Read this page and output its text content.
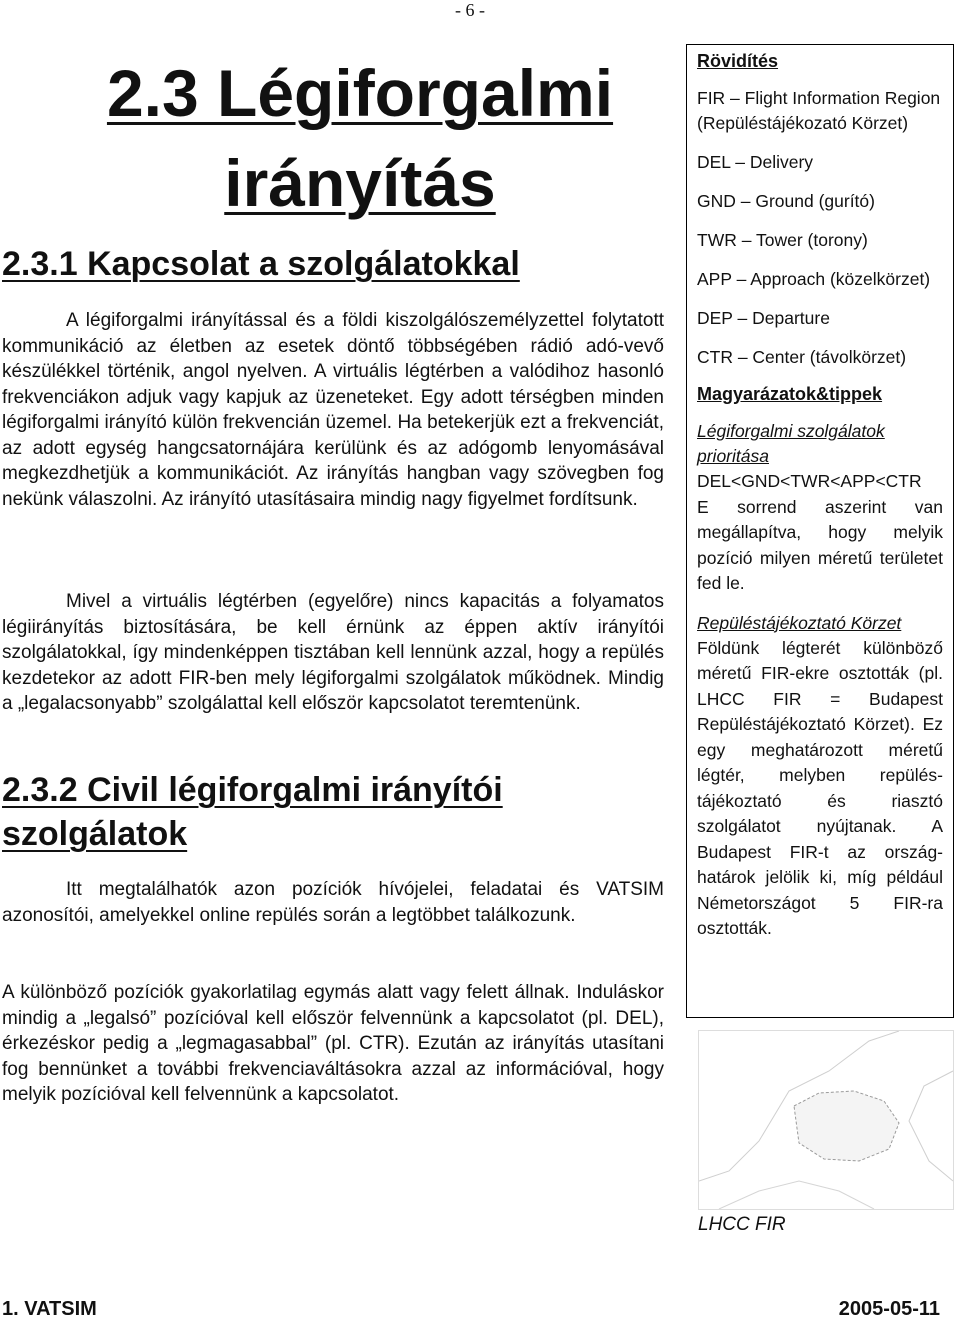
- 6 -
2.3 Légiforgalmi irányítás
2.3.1 Kapcsolat a szolgálatokkal

A légiforgalmi irányítással és a földi kiszolgálószemélyzettel folytatott kommunikáció az életben az esetek döntő többségében rádió adó-vevő készülékkel történik, angol nyelven. A virtuális légtérben a valódihoz hasonló frekvenciákon adjuk vagy kapjuk az üzeneteket. Egy adott térségben minden légiforgalmi irányító külön frekvencián üzemel. Ha betekerjük ezt a frekvenciát, az adott egység hangcsatornájára kerülünk és az adógomb lenyomásával megkezdhetjük a kommunikációt. Az irányítás hangban vagy szövegben fog nekünk válaszolni. Az irányító utasításaira mindig nagy figyelmet fordítsunk.

Mivel a virtuális légtérben (egyelőre) nincs kapacitás a folyamatos légiirányítás biztosítására, be kell érnünk az éppen aktív irányítói szolgálatokkal, így mindenképpen tisztában kell lennünk azzal, hogy a repülés kezdetekor az adott FIR-ben mely légiforgalmi szolgálatok működnek. Mindig a „legalacsonyabb” szolgálattal kell először kapcsolatot teremtenünk.

2.3.2 Civil légiforgalmi irányítói szolgálatok

Itt megtalálhatók azon pozíciók hívójelei, feladatai és VATSIM azonosítói, amelyekkel online repülés során a legtöbbet találkozunk.

A különböző pozíciók gyakorlatilag egymás alatt vagy felett állnak. Induláskor mindig a „legalsó” pozícióval kell először felvennünk a kapcsolatot (pl. DEL), érkezéskor pedig a „legmagasabbal” (pl. CTR). Ezután az irányítás utasítani fog bennünket a további frekvenciaváltásokra azzal az információval, hogy melyik pozícióval kell felvennünk a kapcsolatot.

Rövidítés
FIR – Flight Information Region (Repüléstájékozató Körzet)
DEL – Delivery
GND – Ground (gurító)
TWR – Tower (torony)
APP – Approach (közelkörzet)
DEP – Departure
CTR – Center (távolkörzet)
Magyarázatok&tippek
Légiforgalmi szolgálatok prioritása
DEL<GND<TWR<APP<CTR
E sorrend aszerint van megállapítva, hogy melyik pozíció milyen méretű területet fed le.
Repüléstájékoztató Körzet
Földünk légterét különböző méretű FIR-ekre osztották (pl. LHCC FIR = Budapest Repüléstájékoztató Körzet). Ez egy meghatározott méretű légtér, melyben repülés-tájékoztató és riasztó szolgálatot nyújtanak. A Budapest FIR-t az ország-határok jelölik ki, míg például Németországot 5 FIR-ra osztották.
LHCC FIR
1. VATSIM	2005-05-11
